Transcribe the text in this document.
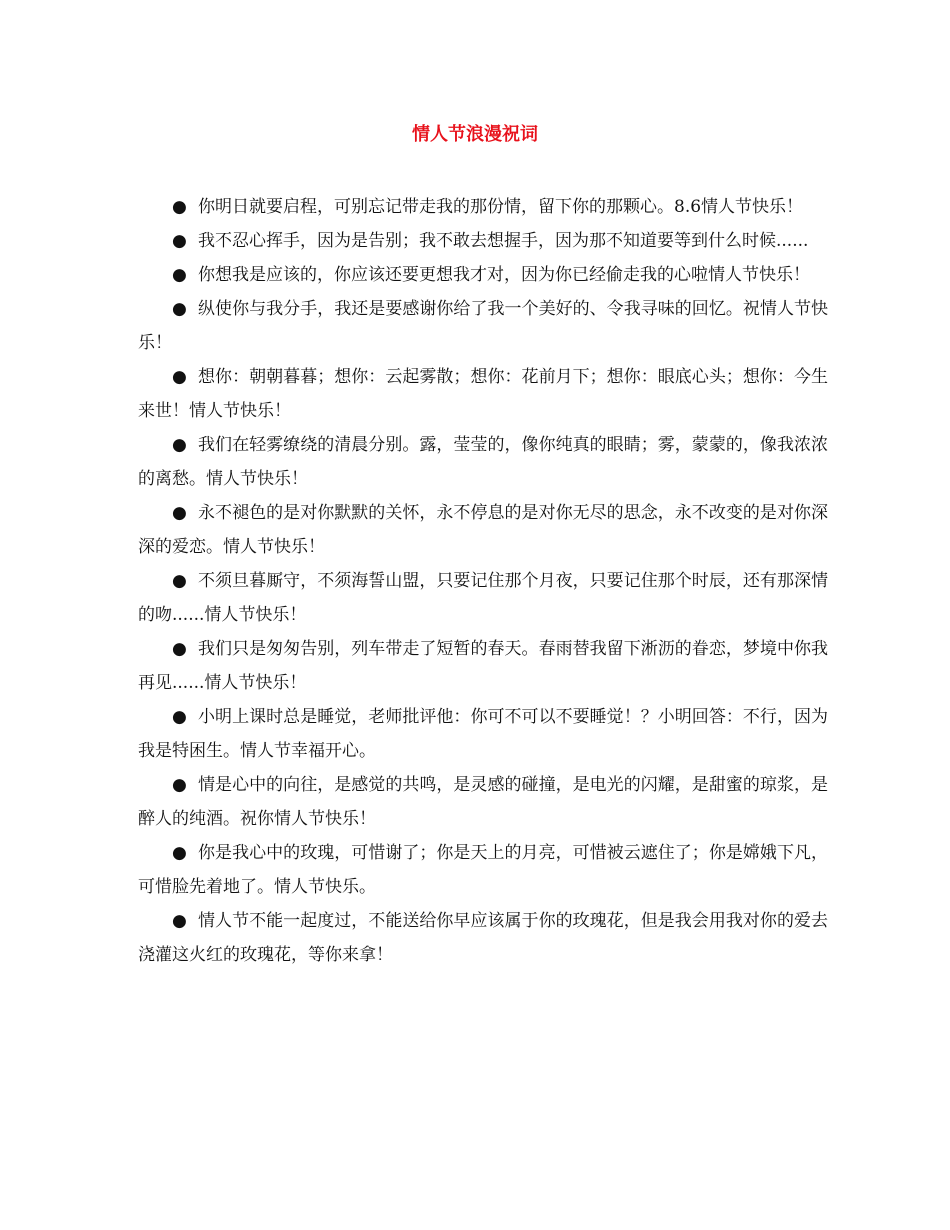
情人节浪漫祝词

● 你明日就要启程，可别忘记带走我的那份情，留下你的那颗心。8.6情人节快乐！

● 我不忍心挥手，因为是告别；我不敢去想握手，因为那不知道要等到什么时候......

● 你想我是应该的，你应该还要更想我才对，因为你已经偷走我的心啦情人节快乐！

● 纵使你与我分手，我还是要感谢你给了我一个美好的、令我寻味的回忆。祝情人节快乐！

● 想你：朝朝暮暮；想你：云起雾散；想你：花前月下；想你：眼底心头；想你：今生来世！情人节快乐！

● 我们在轻雾缭绕的清晨分别。露，莹莹的，像你纯真的眼睛；雾，蒙蒙的，像我浓浓的离愁。情人节快乐！

● 永不褪色的是对你默默的关怀，永不停息的是对你无尽的思念，永不改变的是对你深深的爱恋。情人节快乐！

● 不须旦暮厮守，不须海誓山盟，只要记住那个月夜，只要记住那个时辰，还有那深情的吻......情人节快乐！

● 我们只是匆匆告别，列车带走了短暂的春天。春雨替我留下淅沥的眷恋，梦境中你我再见......情人节快乐！

● 小明上课时总是睡觉，老师批评他：你可不可以不要睡觉！？小明回答：不行，因为我是特困生。情人节幸福开心。

● 情是心中的向往，是感觉的共鸣，是灵感的碰撞，是电光的闪耀，是甜蜜的琼浆，是醉人的纯酒。祝你情人节快乐！

● 你是我心中的玫瑰，可惜谢了；你是天上的月亮，可惜被云遮住了；你是嫦娥下凡，可惜脸先着地了。情人节快乐。

● 情人节不能一起度过，不能送给你早应该属于你的玫瑰花，但是我会用我对你的爱去浇灌这火红的玫瑰花，等你来拿！
